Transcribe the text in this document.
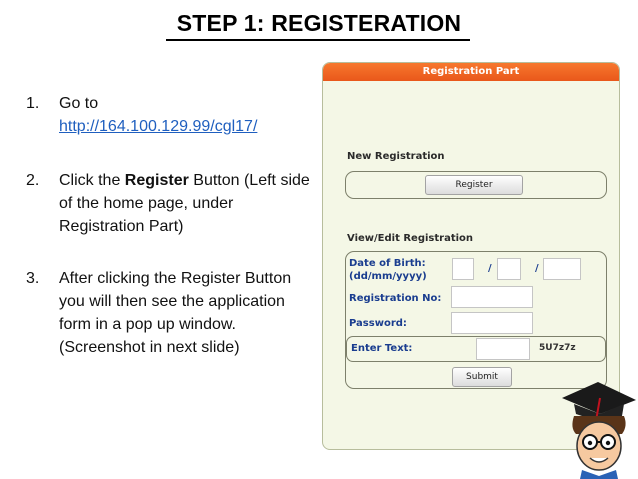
STEP 1: REGISTERATION
1.	Go to
http://164.100.129.99/cgl17/
2.	Click the Register Button (Left side of the home page, under Registration Part)
3.	After clicking the Register Button you will then see the application form in a pop up window. (Screenshot in next slide)
Registration Part
New Registration
Register
View/Edit Registration
Date of Birth:
(dd/mm/yyyy)
/	/
Registration No:
Password:
Enter Text:	5U7z7z
Submit
